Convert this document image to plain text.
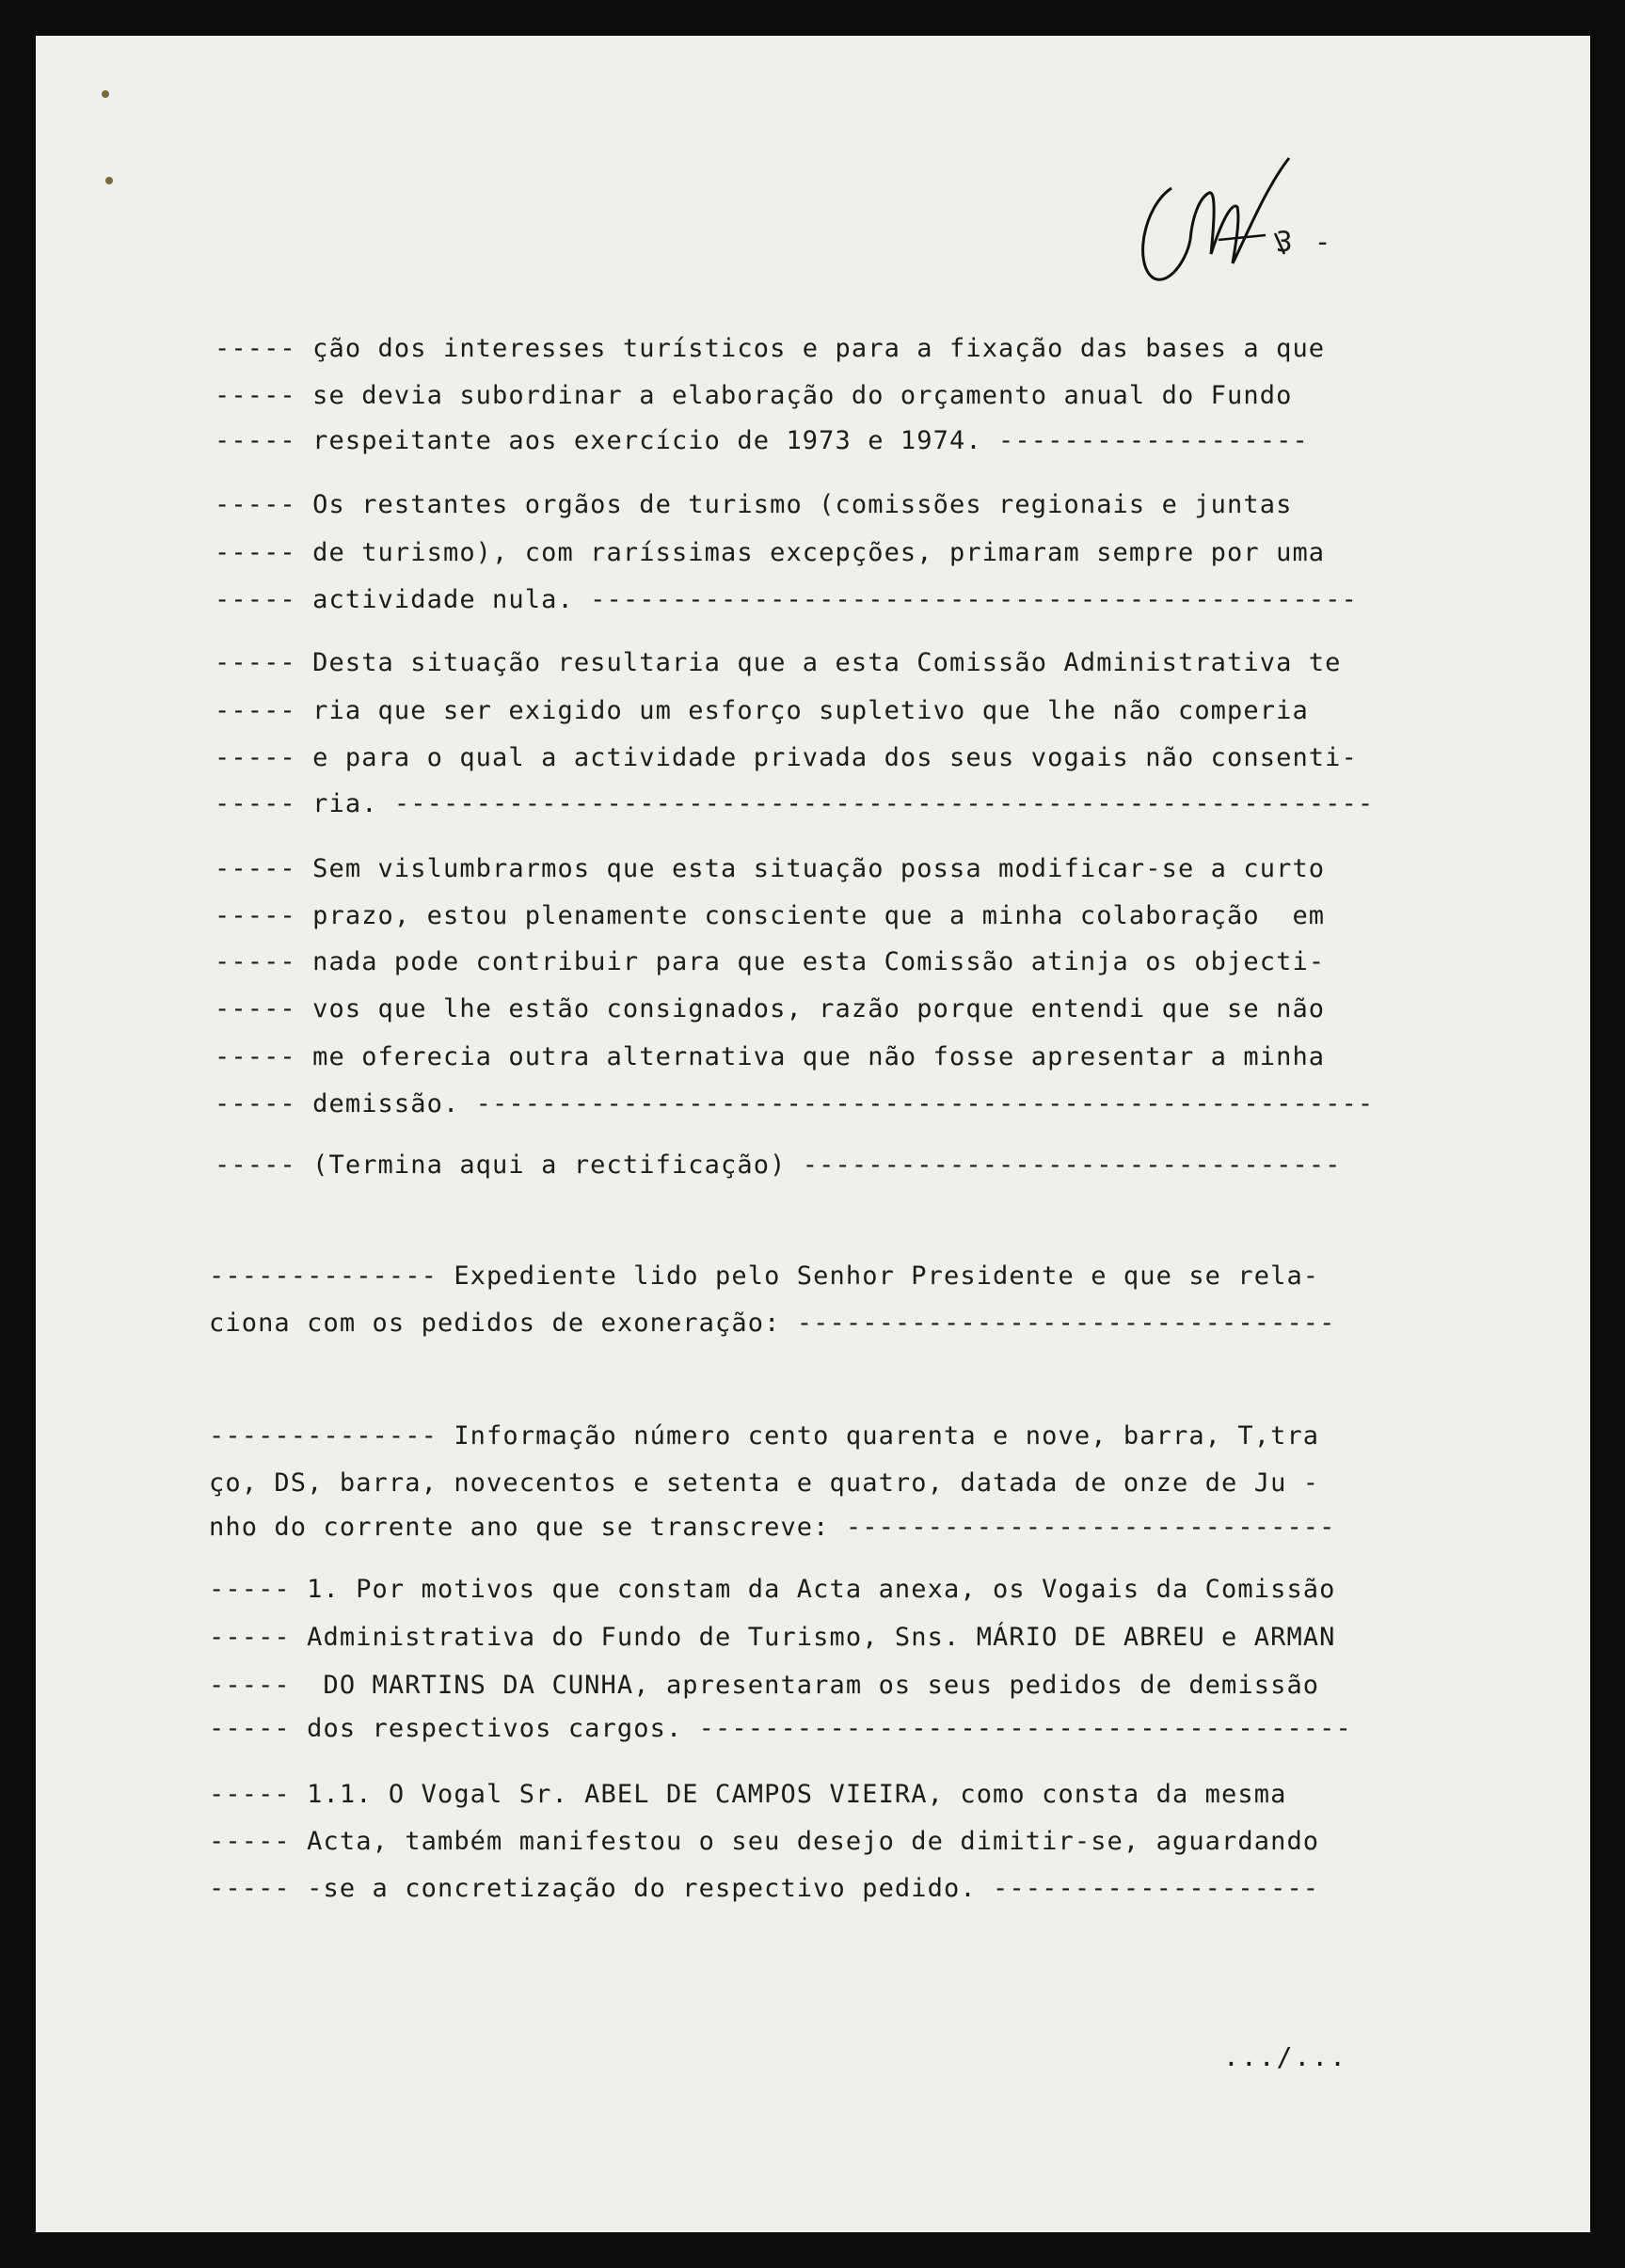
3 -
----- ção dos interesses turísticos e para a fixação das bases a que
----- se devia subordinar a elaboração do orçamento anual do Fundo
----- respeitante aos exercício de 1973 e 1974. -------------------
----- Os restantes orgãos de turismo (comissões regionais e juntas
----- de turismo), com raríssimas excepções, primaram sempre por uma
----- actividade nula. -----------------------------------------------
----- Desta situação resultaria que a esta Comissão Administrativa te
----- ria que ser exigido um esforço supletivo que lhe não comperia
----- e para o qual a actividade privada dos seus vogais não consenti-
----- ria. ------------------------------------------------------------
----- Sem vislumbrarmos que esta situação possa modificar-se a curto
----- prazo, estou plenamente consciente que a minha colaboração  em
----- nada pode contribuir para que esta Comissão atinja os objecti-
----- vos que lhe estão consignados, razão porque entendi que se não
----- me oferecia outra alternativa que não fosse apresentar a minha
----- demissão. -------------------------------------------------------
----- (Termina aqui a rectificação) ---------------------------------
-------------- Expediente lido pelo Senhor Presidente e que se rela-
ciona com os pedidos de exoneração: ---------------------------------
-------------- Informação número cento quarenta e nove, barra, T,tra
ço, DS, barra, novecentos e setenta e quatro, datada de onze de Ju -
nho do corrente ano que se transcreve: ------------------------------
----- 1. Por motivos que constam da Acta anexa, os Vogais da Comissão
----- Administrativa do Fundo de Turismo, Sns. MÁRIO DE ABREU e ARMAN
-----  DO MARTINS DA CUNHA, apresentaram os seus pedidos de demissão
----- dos respectivos cargos. ----------------------------------------
----- 1.1. O Vogal Sr. ABEL DE CAMPOS VIEIRA, como consta da mesma
----- Acta, também manifestou o seu desejo de dimitir-se, aguardando
----- -se a concretização do respectivo pedido. --------------------
.../...
